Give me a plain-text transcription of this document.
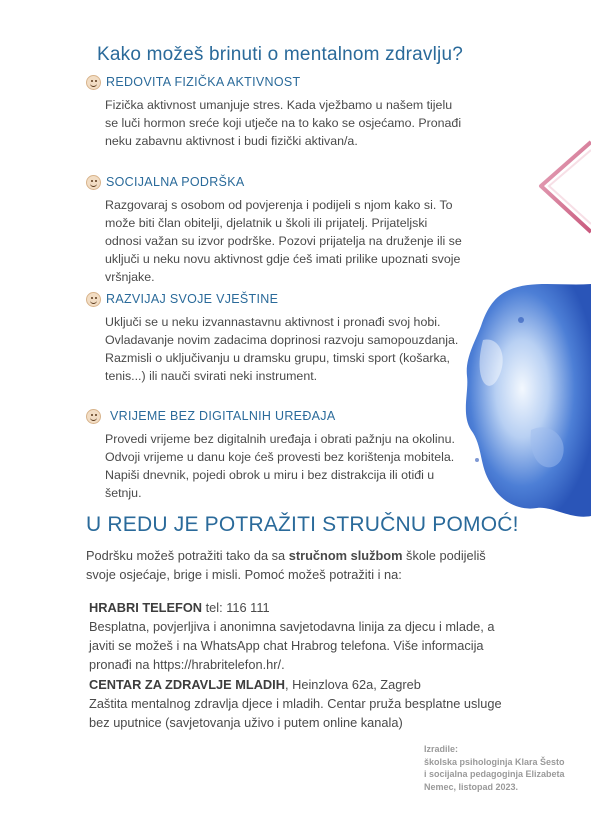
Kako možeš brinuti o mentalnom zdravlju?
REDOVITA FIZIČKA AKTIVNOST

Fizička aktivnost umanjuje stres. Kada vježbamo u našem tijelu se luči hormon sreće koji utječe na to kako se osjećamo. Pronađi neku zabavnu aktivnost i budi fizički aktivan/a.

SOCIJALNA PODRŠKA

Razgovaraj s osobom od povjerenja i podijeli s njom kako si. To može biti član obitelji, djelatnik u školi ili prijatelj. Prijateljski odnosi važan su izvor podrške. Pozovi prijatelja na druženje ili se uključi u neku novu aktivnost gdje ćeš imati prilike upoznati svoje vršnjake.

RAZVIJAJ SVOJE VJEŠTINE

Uključi se u neku izvannastavnu aktivnost i pronađi svoj hobi. Ovladavanje novim zadacima doprinosi razvoju samopouzdanja. Razmisli o uključivanju u dramsku grupu, timski sport (košarka, tenis...) ili nauči svirati neki instrument.

VRIJEME BEZ DIGITALNIH UREĐAJA

Provedi vrijeme bez digitalnih uređaja i obrati pažnju na okolinu. Odvoji vrijeme u danu koje ćeš provesti bez korištenja mobitela. Napiši dnevnik, pojedi obrok u miru i bez distrakcija ili otiđi u šetnju.

U REDU JE POTRAŽITI STRUČNU POMOĆ!

Podršku možeš potražiti tako da sa stručnom službom škole podijeliš svoje osjećaje, brige i misli. Pomoć možeš potražiti i na:

HRABRI TELEFON tel: 116 111
Besplatna, povjerljiva i anonimna savjetodavna linija za djecu i mlade, a javiti se možeš i na WhatsApp chat Hrabrog telefona. Više informacija pronađi na https://hrabritelefon.hr/.

CENTAR ZA ZDRAVLJE MLADIH, Heinzlova 62a, Zagreb
Zaštita mentalnog zdravlja djece i mladih. Centar pruža besplatne usluge bez uputnice (savjetovanja uživo i putem online kanala)

Izradile:
školska psihologinja Klara Šesto
i socijalna pedagoginja Elizabeta
Nemec, listopad 2023.
